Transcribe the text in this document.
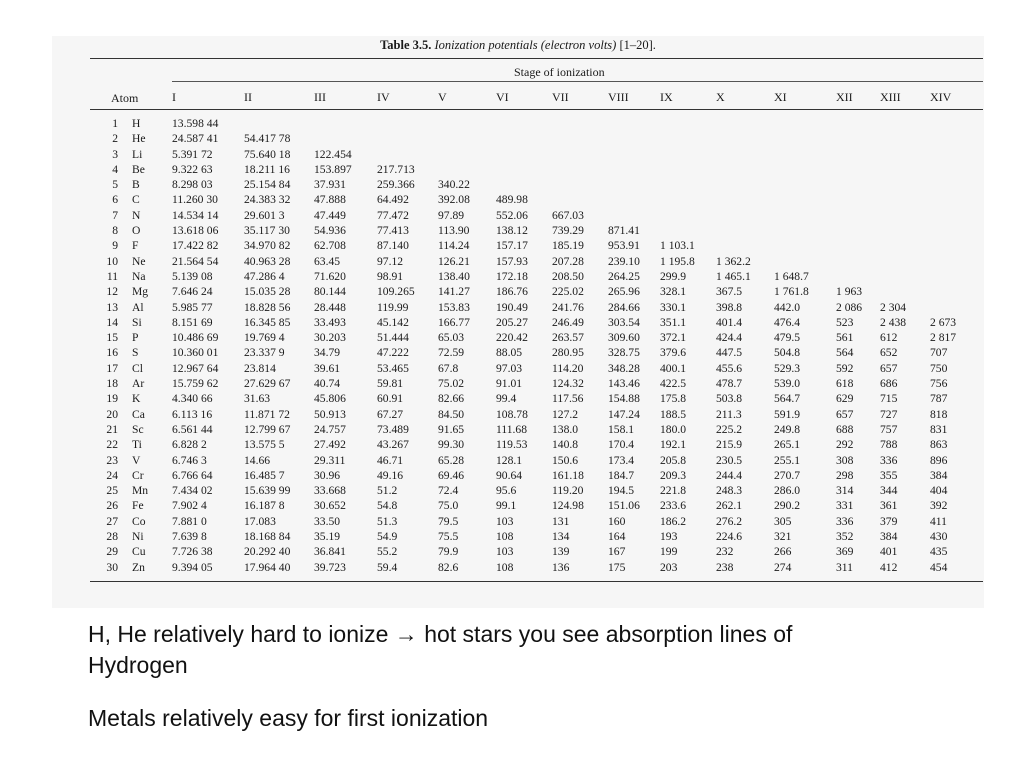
Table 3.5. Ionization potentials (electron volts) [1–20].
Stage of ionization
Atom	I	II	III	IV	V	VI	VII	VIII	IX	X	XI	XII XIII XIV
1	H	13.598 44													
2	He	24.587 41	54.417 78												
3	Li	5.391 72	75.640 18	122.454											
4	Be	9.322 63	18.211 16	153.897	217.713										
5	B	8.298 03	25.154 84	37.931	259.366	340.22									
6	C	11.260 30	24.383 32	47.888	64.492	392.08	489.98								
7	N	14.534 14	29.601 3	47.449	77.472	97.89	552.06	667.03							
8	O	13.618 06	35.117 30	54.936	77.413	113.90	138.12	739.29	871.41						
9	F	17.422 82	34.970 82	62.708	87.140	114.24	157.17	185.19	953.91	1 103.1					
10	Ne	21.564 54	40.963 28	63.45	97.12	126.21	157.93	207.28	239.10	1 195.8	1 362.2				
11	Na	5.139 08	47.286 4	71.620	98.91	138.40	172.18	208.50	264.25	299.9	1 465.1	1 648.7			
12	Mg	7.646 24	15.035 28	80.144	109.265	141.27	186.76	225.02	265.96	328.1	367.5	1 761.8	1 963		
13	Al	5.985 77	18.828 56	28.448	119.99	153.83	190.49	241.76	284.66	330.1	398.8	442.0	2 086	2 304	
14	Si	8.151 69	16.345 85	33.493	45.142	166.77	205.27	246.49	303.54	351.1	401.4	476.4	523	2 438	2 673
15	P	10.486 69	19.769 4	30.203	51.444	65.03	220.42	263.57	309.60	372.1	424.4	479.5	561	612	2 817
16	S	10.360 01	23.337 9	34.79	47.222	72.59	88.05	280.95	328.75	379.6	447.5	504.8	564	652	707
17	Cl	12.967 64	23.814	39.61	53.465	67.8	97.03	114.20	348.28	400.1	455.6	529.3	592	657	750
18	Ar	15.759 62	27.629 67	40.74	59.81	75.02	91.01	124.32	143.46	422.5	478.7	539.0	618	686	756
19	K	4.340 66	31.63	45.806	60.91	82.66	99.4	117.56	154.88	175.8	503.8	564.7	629	715	787
20	Ca	6.113 16	11.871 72	50.913	67.27	84.50	108.78	127.2	147.24	188.5	211.3	591.9	657	727	818
21	Sc	6.561 44	12.799 67	24.757	73.489	91.65	111.68	138.0	158.1	180.0	225.2	249.8	688	757	831
22	Ti	6.828 2	13.575 5	27.492	43.267	99.30	119.53	140.8	170.4	192.1	215.9	265.1	292	788	863
23	V	6.746 3	14.66	29.311	46.71	65.28	128.1	150.6	173.4	205.8	230.5	255.1	308	336	896
24	Cr	6.766 64	16.485 7	30.96	49.16	69.46	90.64	161.18	184.7	209.3	244.4	270.7	298	355	384
25	Mn	7.434 02	15.639 99	33.668	51.2	72.4	95.6	119.20	194.5	221.8	248.3	286.0	314	344	404
26	Fe	7.902 4	16.187 8	30.652	54.8	75.0	99.1	124.98	151.06	233.6	262.1	290.2	331	361	392
27	Co	7.881 0	17.083	33.50	51.3	79.5	103	131	160	186.2	276.2	305	336	379	411
28	Ni	7.639 8	18.168 84	35.19	54.9	75.5	108	134	164	193	224.6	321	352	384	430
29	Cu	7.726 38	20.292 40	36.841	55.2	79.9	103	139	167	199	232	266	369	401	435
30	Zn	9.394 05	17.964 40	39.723	59.4	82.6	108	136	175	203	238	274	311	412	454
H, He relatively hard to ionize → hot stars you see absorption lines of Hydrogen
Metals relatively easy for first ionization
